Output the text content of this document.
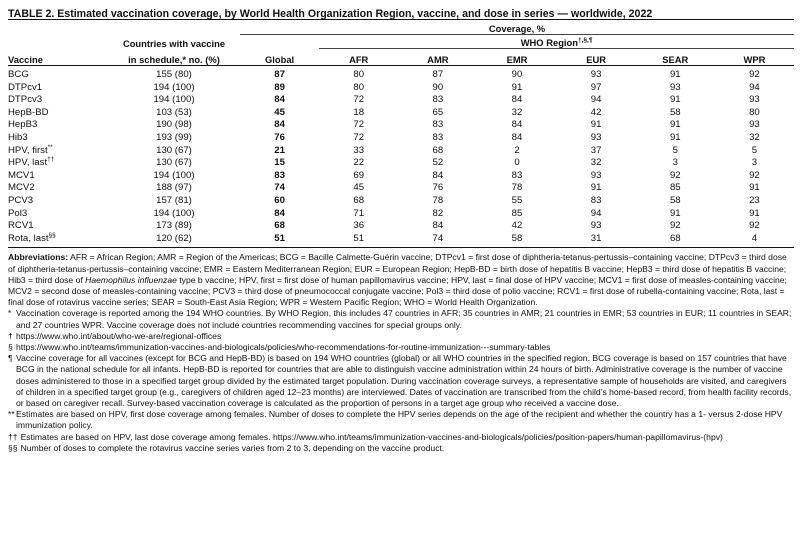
TABLE 2. Estimated vaccination coverage, by World Health Organization Region, vaccine, and dose in series — worldwide, 2022
		Coverage, %						
	Countries with vaccine		WHO Region†,§,¶
Vaccine	in schedule,* no. (%)	Global	AFR	AMR	EMR	EUR	SEAR	WPR
BCG	155 (80)	87	80	87	90	93	91	92
DTPcv1	194 (100)	89	80	90	91	97	93	94
DTPcv3	194 (100)	84	72	83	84	94	91	93
HepB-BD	103 (53)	45	18	65	32	42	58	80
HepB3	190 (98)	84	72	83	84	91	91	93
Hib3	193 (99)	76	72	83	84	93	91	32
HPV, first**	130 (67)	21	33	68	2	37	5	5
HPV, last††	130 (67)	15	22	52	0	32	3	3
MCV1	194 (100)	83	69	84	83	93	92	92
MCV2	188 (97)	74	45	76	78	91	85	91
PCV3	157 (81)	60	68	78	55	83	58	23
Pol3	194 (100)	84	71	82	85	94	91	91
RCV1	173 (89)	68	36	84	42	93	92	92
Rota, last§§	120 (62)	51	51	74	58	31	68	4

Abbreviations: AFR = African Region; AMR = Region of the Americas; BCG = Bacille Calmette-Guérin vaccine; DTPcv1 = first dose of diphtheria-tetanus-pertussis–containing vaccine; DTPcv3 = third dose of diphtheria-tetanus-pertussis–containing vaccine; EMR = Eastern Mediterranean Region; EUR = European Region; HepB-BD = birth dose of hepatitis B vaccine; HepB3 = third dose of hepatitis B vaccine; Hib3 = third dose of Haemophilus influenzae type b vaccine; HPV, first = first dose of human papillomavirus vaccine; HPV, last = final dose of HPV vaccine; MCV1 = first dose of measles-containing vaccine; MCV2 = second dose of measles-containing vaccine; PCV3 = third dose of pneumococcal conjugate vaccine; Pol3 = third dose of polio vaccine; RCV1 = first dose of rubella-containing vaccine; Rota, last = final dose of rotavirus vaccine series; SEAR = South-East Asia Region; WPR = Western Pacific Region; WHO = World Health Organization.

* Vaccination coverage is reported among the 194 WHO countries. By WHO Region, this includes 47 countries in AFR; 35 countries in AMR; 21 countries in EMR; 53 countries in EUR; 11 countries in SEAR; and 27 countries WPR. Vaccine coverage does not include countries recommending vaccines for special groups only.

† https://www.who.int/about/who-we-are/regional-offices

§ https://www.who.int/teams/immunization-vaccines-and-biologicals/policies/who-recommendations-for-routine-immunization---summary-tables

¶ Vaccine coverage for all vaccines (except for BCG and HepB-BD) is based on 194 WHO countries (global) or all WHO countries in the specified region. BCG coverage is based on 157 countries that have BCG in the national schedule for all infants. HepB-BD is reported for countries that are able to distinguish vaccine administration within 24 hours of birth. Administrative coverage is the number of vaccine doses administered to those in a specified target group divided by the estimated target population. During vaccination coverage surveys, a representative sample of households are visited, and caregivers of children in a specified target group (e.g., caregivers of children aged 12–23 months) are interviewed. Dates of vaccination are transcribed from the child’s home-based record, from health facility records, or based on caregiver recall. Survey-based vaccination coverage is calculated as the proportion of persons in a target age group who received a vaccine dose.

** Estimates are based on HPV, first dose coverage among females. Number of doses to complete the HPV series depends on the age of the recipient and whether the country has a 1- versus 2-dose HPV immunization policy.

†† Estimates are based on HPV, last dose coverage among females. https://www.who.int/teams/immunization-vaccines-and-biologicals/policies/position-papers/human-papillomavirus-(hpv)

§§ Number of doses to complete the rotavirus vaccine series varies from 2 to 3, depending on the vaccine product.
